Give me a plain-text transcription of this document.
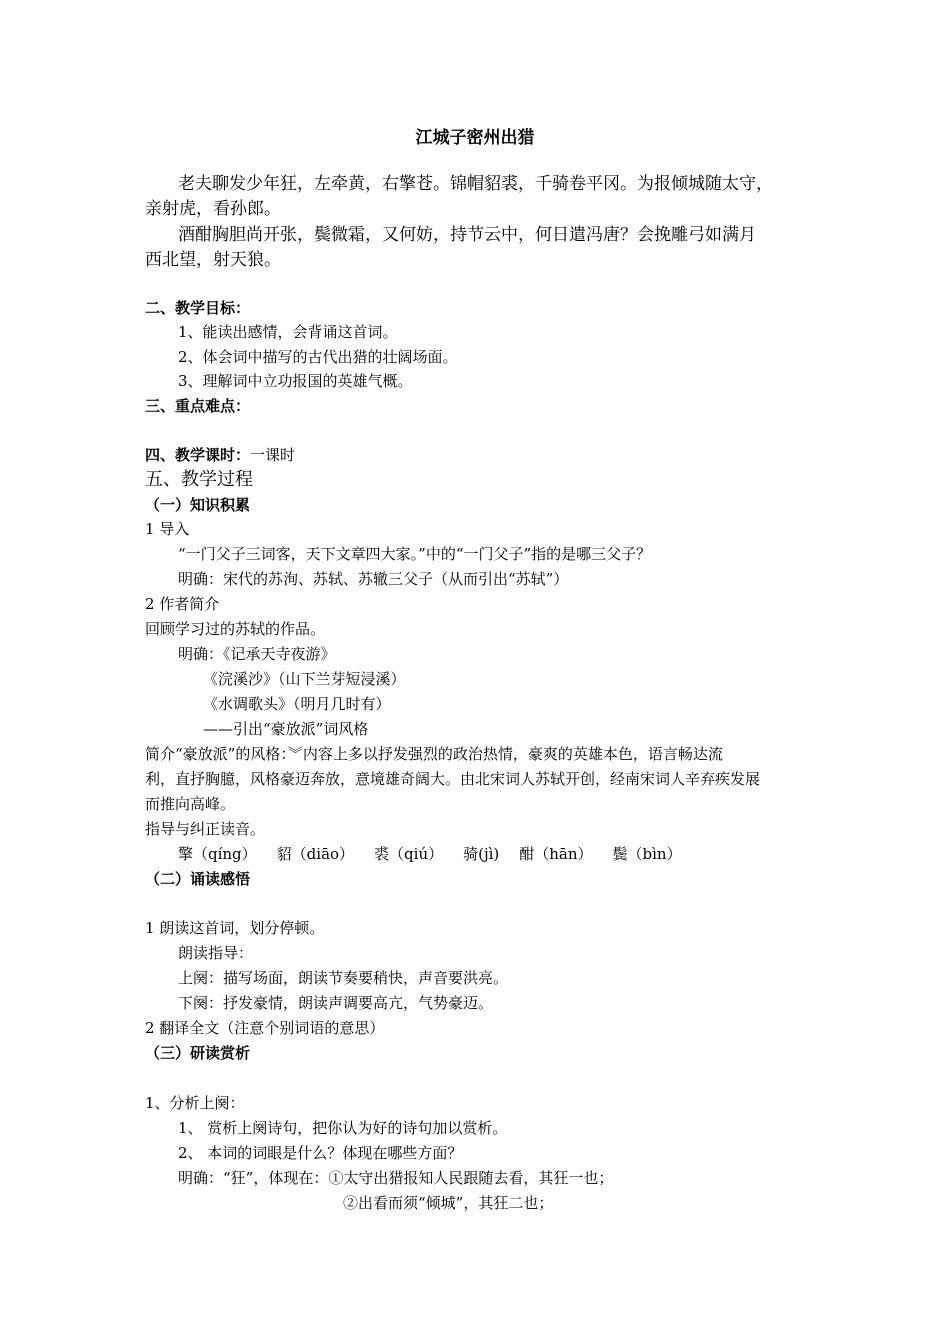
江城子密州出猎
老夫聊发少年狂，左牵黄，右擎苍。锦帽貂裘，千骑卷平冈。为报倾城随太守，
亲射虎，看孙郎。
酒酣胸胆尚开张，鬓微霜，又何妨，持节云中，何日遣冯唐？会挽雕弓如满月
西北望，射天狼。
二、教学目标：
1、能读出感情，会背诵这首词。
2、体会词中描写的古代出猎的壮阔场面。
3、理解词中立功报国的英雄气概。
三、重点难点：
四、教学课时：一课时
五、教学过程
（一）知识积累
1 导入
“一门父子三词客，天下文章四大家。”中的“一门父子”指的是哪三父子？
明确：宋代的苏洵、苏轼、苏辙三父子（从而引出“苏轼”）
2 作者简介
回顾学习过的苏轼的作品。
明确：《记承天寺夜游》
《浣溪沙》（山下兰芽短浸溪）
《水调歌头》（明月几时有）
——引出“豪放派”词风格
简介“豪放派”的风格：︾内容上多以抒发强烈的政治热情，豪爽的英雄本色，语言畅达流
利，直抒胸臆，风格豪迈奔放，意境雄奇阔大。由北宋词人苏轼开创，经南宋词人辛弃疾发展
而推向高峰。
指导与纠正读音。
擎（qíng） 貂（diāo） 裘（qiú） 骑(jì) 酣（hān） 鬓（bìn）
（二）诵读感悟
1 朗读这首词，划分停顿。
朗读指导：
上阕：描写场面，朗读节奏要稍快，声音要洪亮。
下阕：抒发豪情，朗读声调要高亢，气势豪迈。
2 翻译全文（注意个别词语的意思）
（三）研读赏析
1、分析上阕：
1、 赏析上阕诗句，把你认为好的诗句加以赏析。
2、 本词的词眼是什么？体现在哪些方面？
明确：“狂”，体现在：①太守出猎报知人民跟随去看，其狂一也；
②出看而须“倾城”，其狂二也；
